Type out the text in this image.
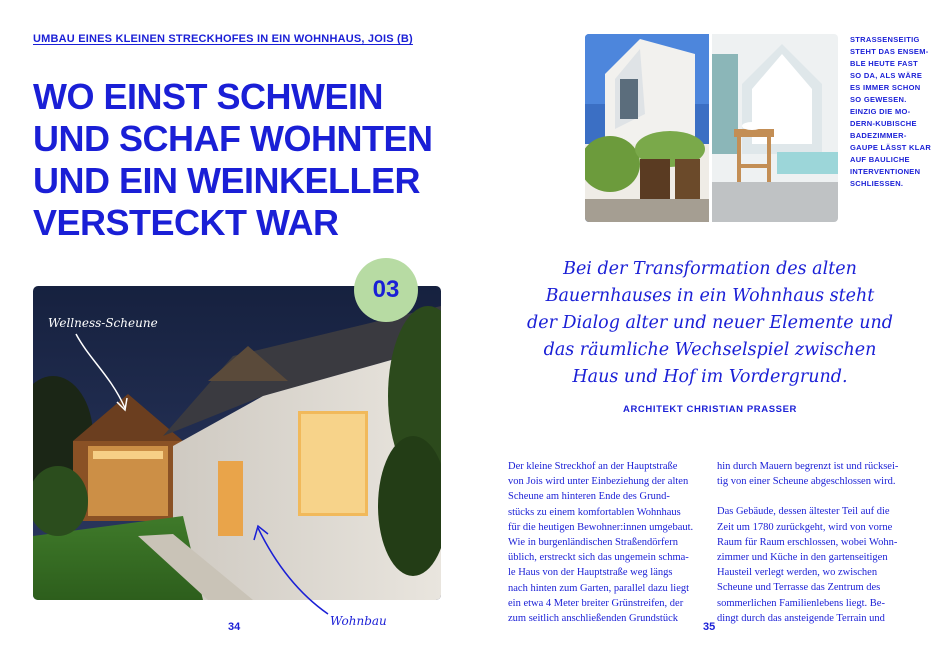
UMBAU EINES KLEINEN STRECKHOFES IN EIN WOHNHAUS, JOIS (B)
WO EINST SCHWEIN
UND SCHAF WOHNTEN
UND EIN WEINKELLER
VERSTECKT WAR
03
Wellness-Scheune
Wohnbau
34

STRASSENSEITIG
STEHT DAS ENSEM-
BLE HEUTE FAST
SO DA, ALS WÄRE
ES IMMER SCHON
SO GEWESEN.
EINZIG DIE MO-
DERN-KUBISCHE
BADEZIMMER-
GAUPE LÄSST KLAR
AUF BAULICHE
INTERVENTIONEN
SCHLIESSEN.

Bei der Transformation des alten
Bauernhauses in ein Wohnhaus steht
der Dialog alter und neuer Elemente und
das räumliche Wechselspiel zwischen
Haus und Hof im Vordergrund.

ARCHITEKT CHRISTIAN PRASSER

Der kleine Streckhof an der Hauptstraße
von Jois wird unter Einbeziehung der alten
Scheune am hinteren Ende des Grund-
stücks zu einem komfortablen Wohnhaus
für die heutigen Bewohner:innen umgebaut.
Wie in burgenländischen Straßendörfern
üblich, erstreckt sich das ungemein schma-
le Haus von der Hauptstraße weg längs
nach hinten zum Garten, parallel dazu liegt
ein etwa 4 Meter breiter Grünstreifen, der
zum seitlich anschließenden Grundstück

hin durch Mauern begrenzt ist und rücksei-
tig von einer Scheune abgeschlossen wird.
Das Gebäude, dessen ältester Teil auf die
Zeit um 1780 zurückgeht, wird von vorne
Raum für Raum erschlossen, wobei Wohn-
zimmer und Küche in den gartenseitigen
Hausteil verlegt werden, wo zwischen
Scheune und Terrasse das Zentrum des
sommerlichen Familienlebens liegt. Be-
dingt durch das ansteigende Terrain und

35
